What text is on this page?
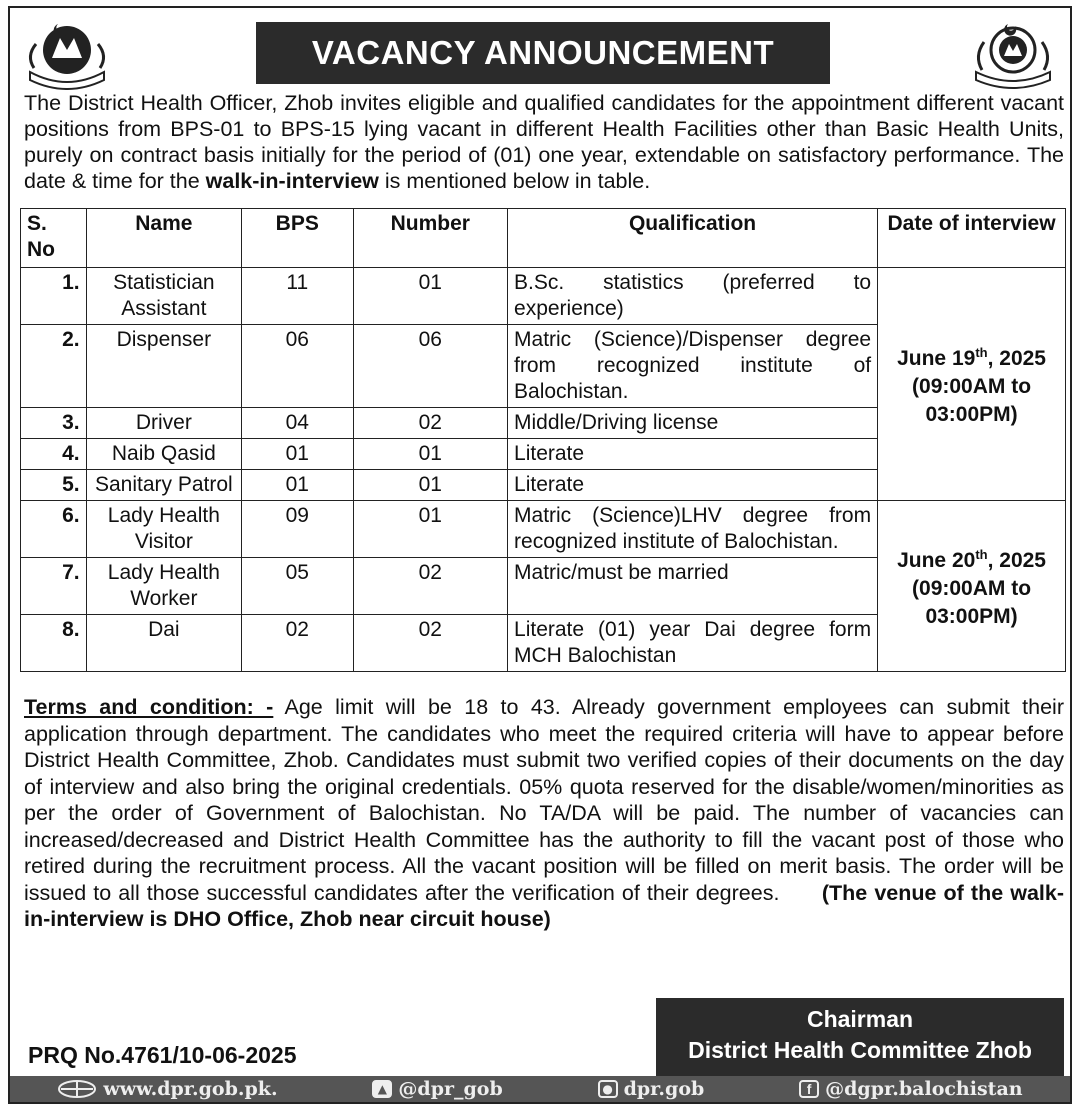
VACANCY ANNOUNCEMENT
The District Health Officer, Zhob invites eligible and qualified candidates for the appointment different vacant positions from BPS-01 to BPS-15 lying vacant in different Health Facilities other than Basic Health Units, purely on contract basis initially for the period of (01) one year, extendable on satisfactory performance. The date & time for the walk-in-interview is mentioned below in table.
S.
No	Name	BPS	Number	Qualification	Date of interview
1.	Statistician Assistant	11	01	B.Sc. statistics (preferred to experience)	June 19th, 2025
(09:00AM to
03:00PM)

2.	Dispenser	06	06	Matric (Science)/Dispenser degree from recognized institute of Balochistan.	
3.	Driver	04	02	Middle/Driving license	
4.	Naib Qasid	01	01	Literate	
5.	Sanitary Patrol	01	01	Literate	
6.	Lady Health Visitor	09	01	Matric (Science)LHV degree from recognized institute of Balochistan.	June 20th, 2025
(09:00AM to
03:00PM)

7.	Lady Health Worker	05	02	Matric/must be married	
8.	Dai	02	02	Literate (01) year Dai degree form MCH Balochistan	
Terms and condition: - Age limit will be 18 to 43. Already government employees can submit their application through department. The candidates who meet the required criteria will have to appear before District Health Committee, Zhob. Candidates must submit two verified copies of their documents on the day of interview and also bring the original credentials. 05% quota reserved for the disable/women/minorities as per the order of Government of Balochistan. No TA/DA will be paid. The number of vacancies can increased/decreased and District Health Committee has the authority to fill the vacant post of those who retired during the recruitment process. All the vacant position will be filled on merit basis. The order will be issued to all those successful candidates after the verification of their degrees. (The venue of the walk-in-interview is DHO Office, Zhob near circuit house)
PRQ No.4761/10-06-2025
Chairman
District Health Committee Zhob
www.dpr.gob.pk.	▲ @dpr_gob	● dpr.gob	f @dgpr.balochistan
